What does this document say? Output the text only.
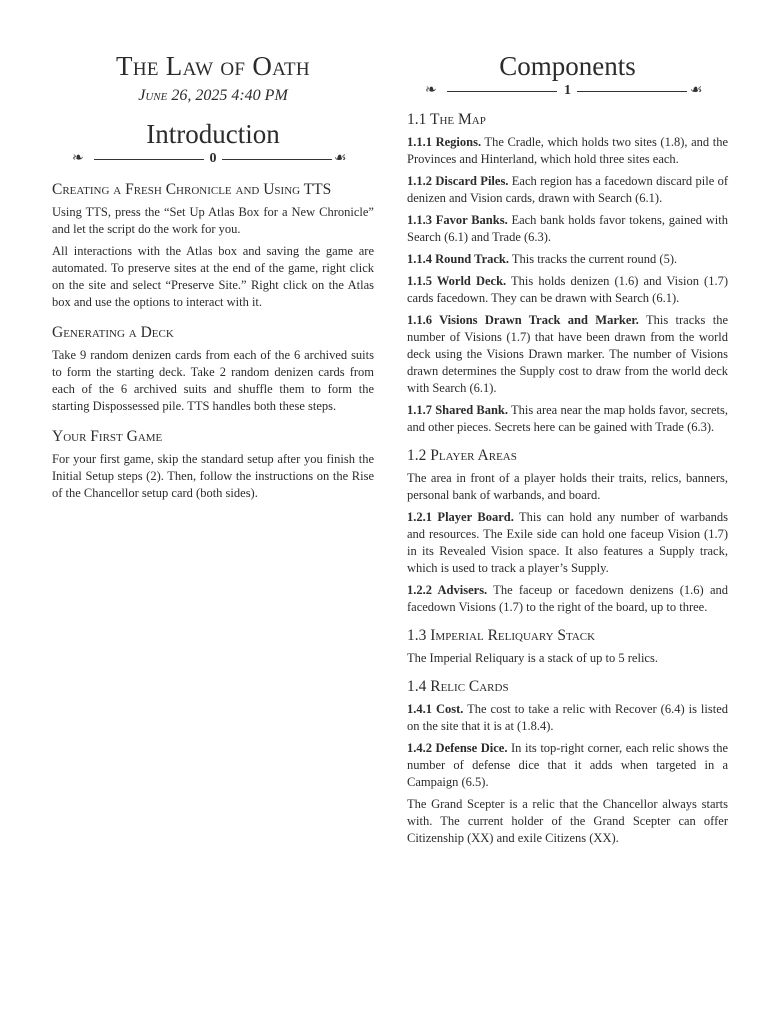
The Law of Oath
June 26, 2025 4:40 PM
Introduction
❧	0	☙
Creating a Fresh Chronicle and Using TTS

Using TTS, press the “Set Up Atlas Box for a New Chronicle” and let the script do the work for you.

All interactions with the Atlas box and saving the game are automated. To preserve sites at the end of the game, right click on the site and select “Preserve Site.” Right click on the Atlas box and use the options to interact with it.

Generating a Deck

Take 9 random denizen cards from each of the 6 archived suits to form the starting deck. Take 2 random denizen cards from each of the 6 archived suits and shuffle them to form the starting Dispossessed pile. TTS handles both these steps.

Your First Game

For your first game, skip the standard setup after you finish the Initial Setup steps (2). Then, follow the instructions on the Rise of the Chancellor setup card (both sides).

Components
❧	1	☙
1.1 The Map

1.1.1 Regions. The Cradle, which holds two sites (1.8), and the Provinces and Hinterland, which hold three sites each.

1.1.2 Discard Piles. Each region has a facedown discard pile of denizen and Vision cards, drawn with Search (6.1).

1.1.3 Favor Banks. Each bank holds favor tokens, gained with Search (6.1) and Trade (6.3).

1.1.4 Round Track. This tracks the current round (5).

1.1.5 World Deck. This holds denizen (1.6) and Vision (1.7) cards facedown. They can be drawn with Search (6.1).

1.1.6 Visions Drawn Track and Marker. This tracks the number of Visions (1.7) that have been drawn from the world deck using the Visions Drawn marker. The number of Visions drawn determines the Supply cost to draw from the world deck with Search (6.1).

1.1.7 Shared Bank. This area near the map holds favor, secrets, and other pieces. Secrets here can be gained with Trade (6.3).

1.2 Player Areas

The area in front of a player holds their traits, relics, banners, personal bank of warbands, and board.

1.2.1 Player Board. This can hold any number of warbands and resources. The Exile side can hold one faceup Vision (1.7) in its Revealed Vision space. It also features a Supply track, which is used to track a player’s Supply.

1.2.2 Advisers. The faceup or facedown denizens (1.6) and facedown Visions (1.7) to the right of the board, up to three.

1.3 Imperial Reliquary Stack

The Imperial Reliquary is a stack of up to 5 relics.

1.4 Relic Cards

1.4.1 Cost. The cost to take a relic with Recover (6.4) is listed on the site that it is at (1.8.4).

1.4.2 Defense Dice. In its top-right corner, each relic shows the number of defense dice that it adds when targeted in a Campaign (6.5).

The Grand Scepter is a relic that the Chancellor always starts with. The current holder of the Grand Scepter can offer Citizenship (XX) and exile Citizens (XX).
